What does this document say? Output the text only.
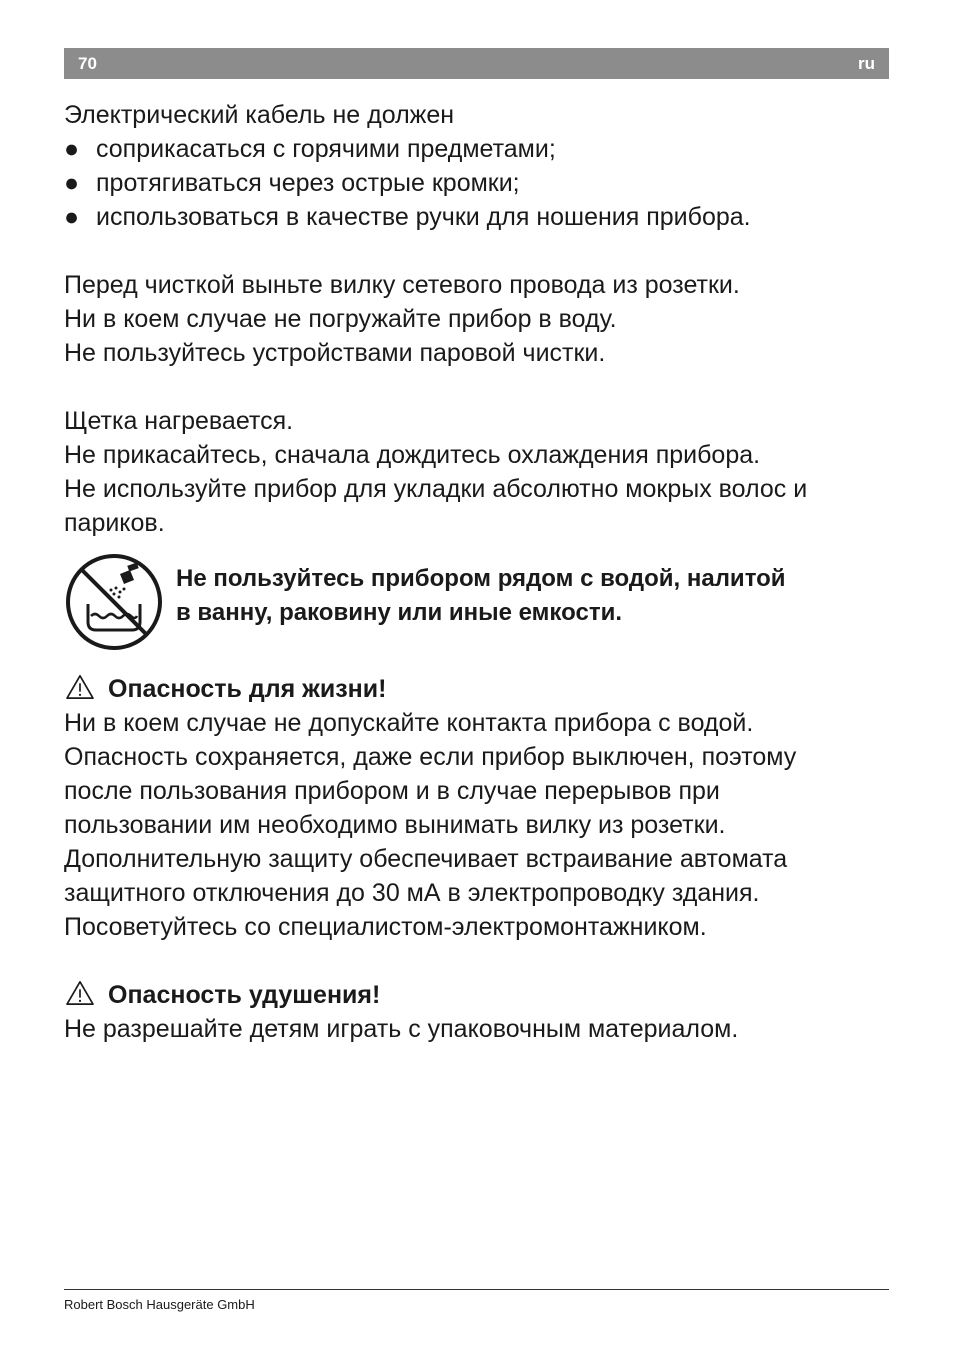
70	ru
Электрический кабель не должен
● соприкасаться с горячими предметами;
● протягиваться через острые кромки;
● использоваться в качестве ручки для ношения прибора.
Перед чисткой выньте вилку сетевого провода из розетки.
Ни в коем случае не погружайте прибор в воду.
Не пользуйтесь устройствами паровой чистки.
Щетка нагревается.
Не прикасайтесь, сначала дождитесь охлаждения прибора.
Не используйте прибор для укладки абсолютно мокрых волос и
париков.
Не пользуйтесь прибором рядом с водой, налитой
в ванну, раковину или иные емкости.
Опасность для жизни!
Ни в коем случае не допускайте контакта прибора с водой.
Опасность сохраняется, даже если прибор выключен, поэтому
после пользования прибором и в случае перерывов при
пользовании им необходимо вынимать вилку из розетки.
Дополнительную защиту обеспечивает встраивание автомата
защитного отключения до 30 мА в электропроводку здания.
Посоветуйтесь со специалистом-электромонтажником.
Опасность удушения!
Не разрешайте детям играть с упаковочным материалом.
Robert Bosch Hausgeräte GmbH
